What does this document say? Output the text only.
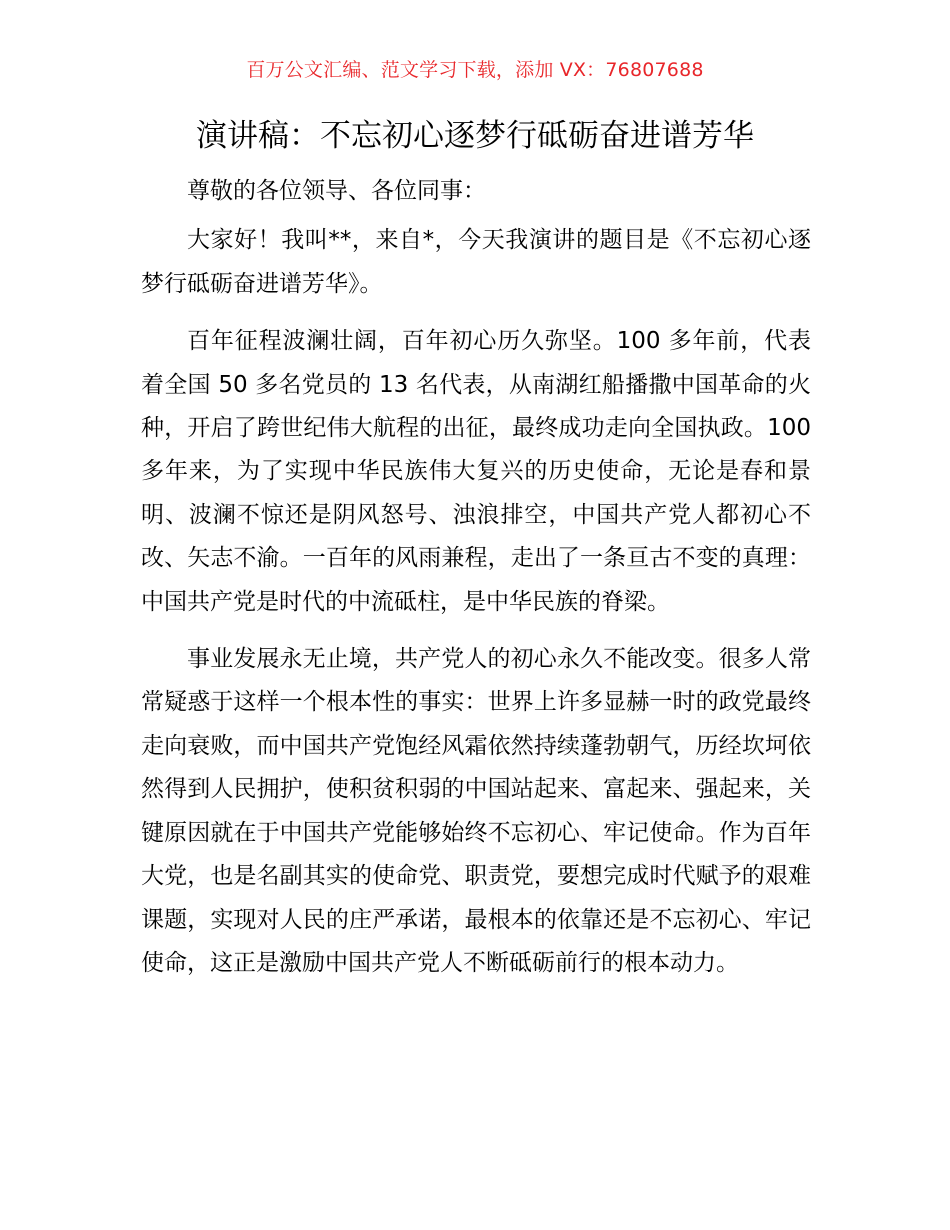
百万公文汇编、范文学习下载，添加 VX：76807688
演讲稿：不忘初心逐梦行砥砺奋进谱芳华

尊敬的各位领导、各位同事：

大家好！我叫**，来自*，今天我演讲的题目是《不忘初心逐梦行砥砺奋进谱芳华》。

百年征程波澜壮阔，百年初心历久弥坚。100 多年前，代表着全国 50 多名党员的 13 名代表，从南湖红船播撒中国革命的火种，开启了跨世纪伟大航程的出征，最终成功走向全国执政。100 多年来，为了实现中华民族伟大复兴的历史使命，无论是春和景明、波澜不惊还是阴风怒号、浊浪排空，中国共产党人都初心不改、矢志不渝。一百年的风雨兼程，走出了一条亘古不变的真理：中国共产党是时代的中流砥柱，是中华民族的脊梁。

事业发展永无止境，共产党人的初心永久不能改变。很多人常常疑惑于这样一个根本性的事实：世界上许多显赫一时的政党最终走向衰败，而中国共产党饱经风霜依然持续蓬勃朝气，历经坎坷依然得到人民拥护，使积贫积弱的中国站起来、富起来、强起来，关键原因就在于中国共产党能够始终不忘初心、牢记使命。作为百年大党，也是名副其实的使命党、职责党，要想完成时代赋予的艰难课题，实现对人民的庄严承诺，最根本的依靠还是不忘初心、牢记使命，这正是激励中国共产党人不断砥砺前行的根本动力。
